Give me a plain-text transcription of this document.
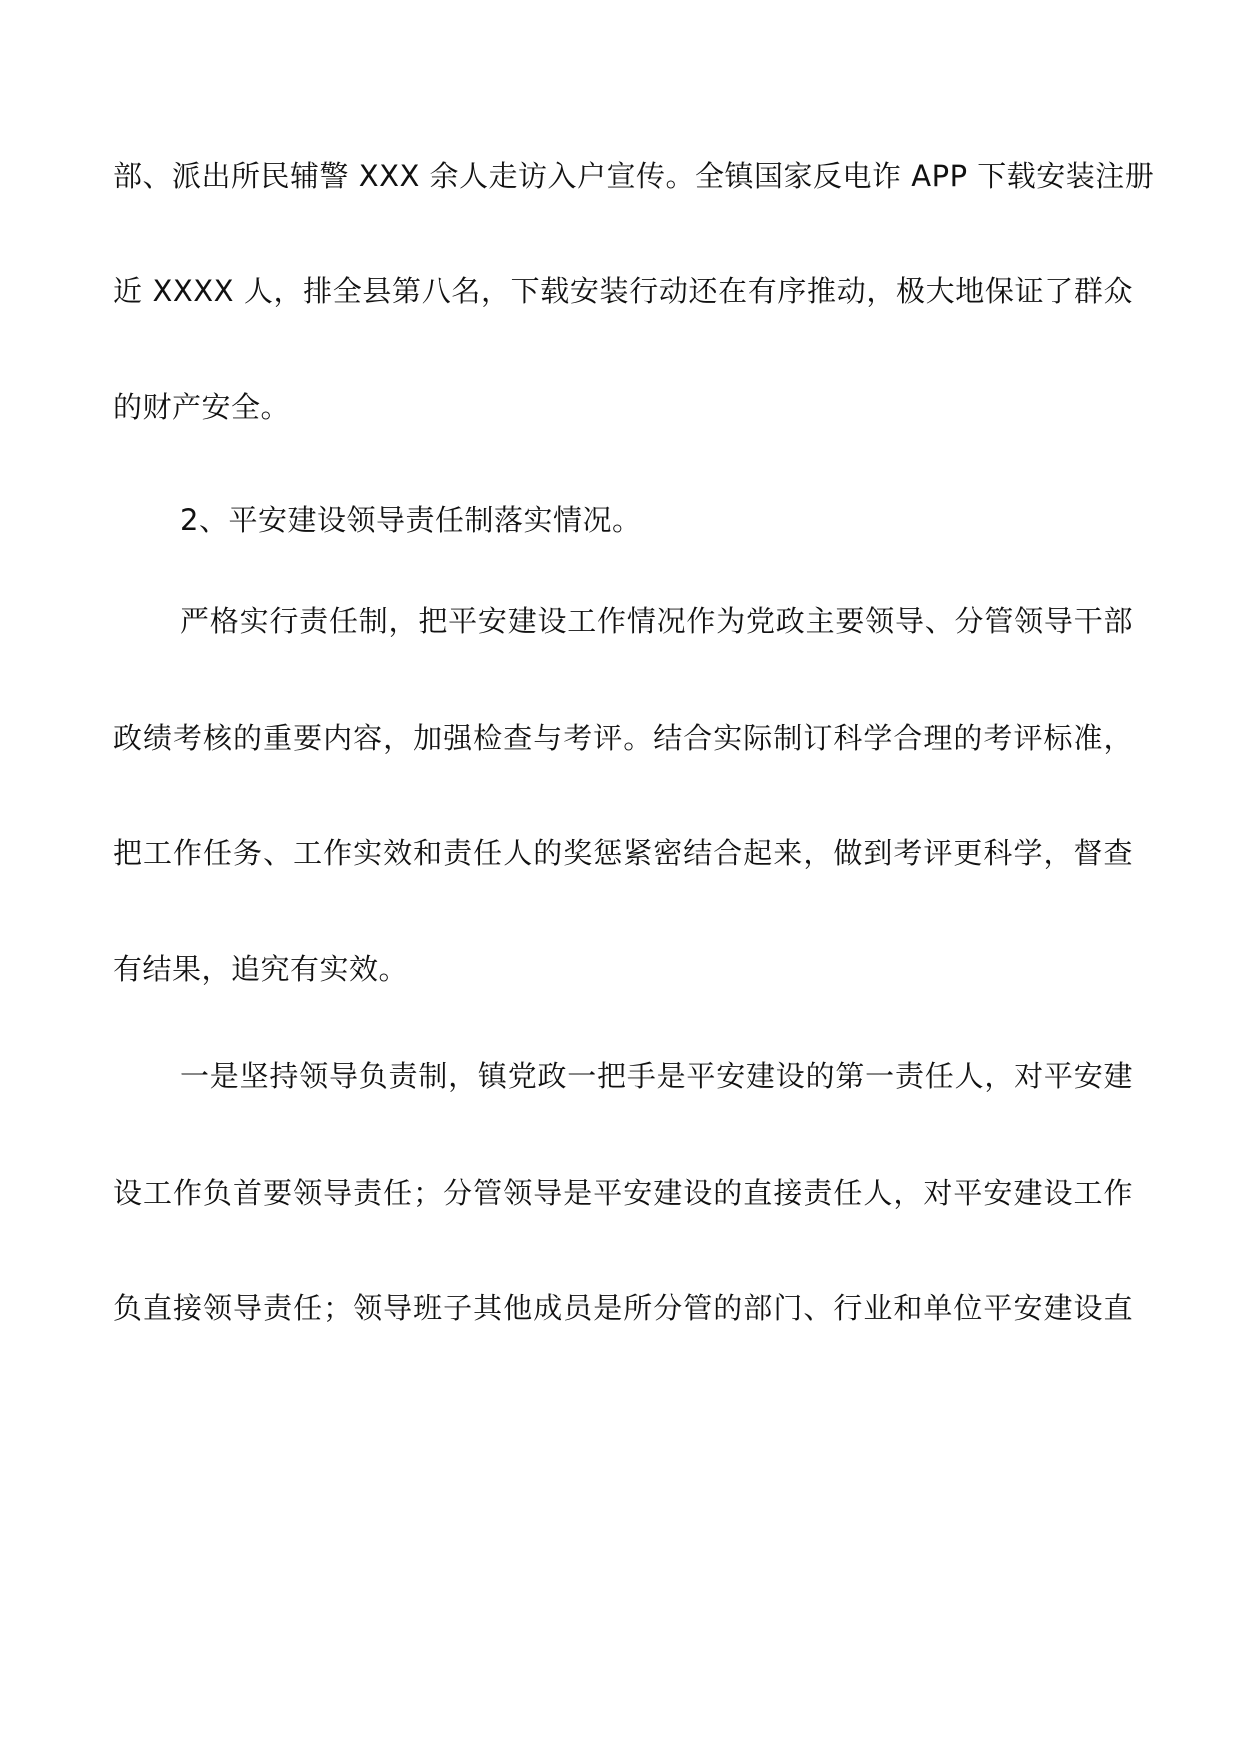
部、派出所民辅警 XXX 余人走访入户宣传。全镇国家反电诈 APP 下载安装注册
近 XXXX 人，排全县第八名，下载安装行动还在有序推动，极大地保证了群众
的财产安全。
2、平安建设领导责任制落实情况。
严格实行责任制，把平安建设工作情况作为党政主要领导、分管领导干部
政绩考核的重要内容，加强检查与考评。结合实际制订科学合理的考评标准，
把工作任务、工作实效和责任人的奖惩紧密结合起来，做到考评更科学，督查
有结果，追究有实效。
一是坚持领导负责制，镇党政一把手是平安建设的第一责任人，对平安建
设工作负首要领导责任；分管领导是平安建设的直接责任人，对平安建设工作
负直接领导责任；领导班子其他成员是所分管的部门、行业和单位平安建设直
